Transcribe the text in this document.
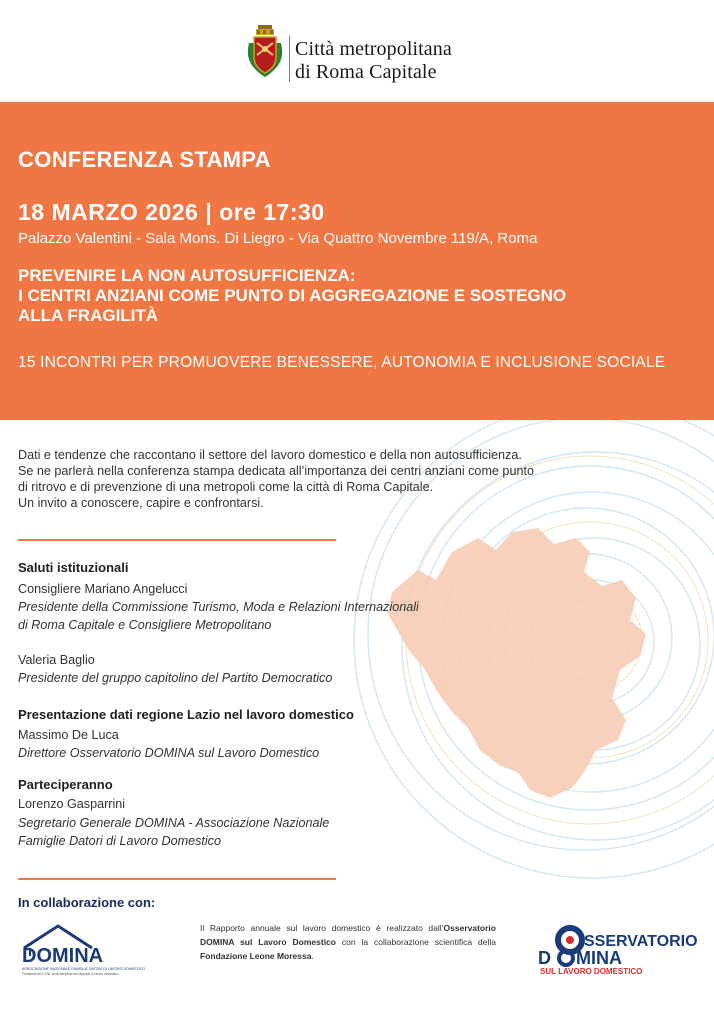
Città metropolitana
di Roma Capitale
CONFERENZA STAMPA
18 MARZO 2026 | ore 17:30
Palazzo Valentini - Sala Mons. Di Liegro - Via Quattro Novembre 119/A, Roma
PREVENIRE LA NON AUTOSUFFICIENZA:
I CENTRI ANZIANI COME PUNTO DI AGGREGAZIONE E SOSTEGNO
ALLA FRAGILITÀ
15 INCONTRI PER PROMUOVERE BENESSERE, AUTONOMIA E INCLUSIONE SOCIALE

Dati e tendenze che raccontano il settore del lavoro domestico e della non autosufficienza.

Se ne parlerà nella conferenza stampa dedicata all’importanza dei centri anziani come punto

di ritrovo e di prevenzione di una metropoli come la città di Roma Capitale.

Un invito a conoscere, capire e confrontarsi.

Saluti istituzionali
Consigliere Mariano Angelucci
Presidente della Commissione Turismo, Moda e Relazioni Internazionali
di Roma Capitale e Consigliere Metropolitano
Valeria Baglio
Presidente del gruppo capitolino del Partito Democratico
Presentazione dati regione Lazio nel lavoro domestico
Massimo De Luca
Direttore Osservatorio DOMINA sul Lavoro Domestico
Parteciperanno
Lorenzo Gasparrini
Segretario Generale DOMINA - Associazione Nazionale
Famiglie Datori di Lavoro Domestico
In collaborazione con:
DOMINA
ASSOCIAZIONE NAZIONALE FAMIGLIE DATORI DI LAVORO DOMESTICO
Firmataria del CCNL sulla disciplina del rapporto di lavoro domestico
Il Rapporto annuale sul lavoro domestico è realizzato dall’Osservatorio DOMINA sul Lavoro Domestico con la collaborazione scientifica della Fondazione Leone Moressa.
SSERVATORIO
D MINA
SUL LAVORO DOMESTICO
